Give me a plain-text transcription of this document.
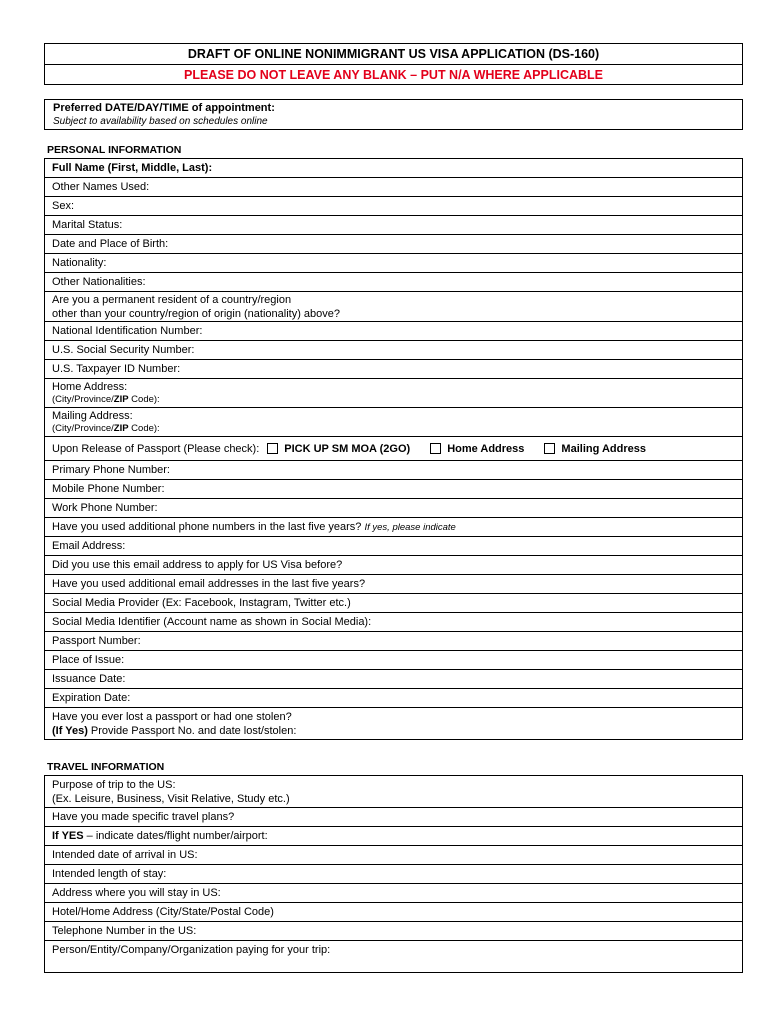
DRAFT OF ONLINE NONIMMIGRANT US VISA APPLICATION (DS-160)
PLEASE DO NOT LEAVE ANY BLANK – PUT N/A WHERE APPLICABLE
Preferred DATE/DAY/TIME of appointment:
Subject to availability based on schedules online
PERSONAL INFORMATION
Full Name (First, Middle, Last):
Other Names Used:
Sex:
Marital Status:
Date and Place of Birth:
Nationality:
Other Nationalities:
Are you a permanent resident of a country/region
other than your country/region of origin (nationality) above?
National Identification Number:
U.S. Social Security Number:
U.S. Taxpayer ID Number:
Home Address:
(City/Province/ZIP Code):
Mailing Address:
(City/Province/ZIP Code):
Upon Release of Passport (Please check): PICK UP SM MOA (2GO)	Home Address	Mailing Address
Primary Phone Number:
Mobile Phone Number:
Work Phone Number:
Have you used additional phone numbers in the last five years? If yes, please indicate
Email Address:
Did you use this email address to apply for US Visa before?
Have you used additional email addresses in the last five years?
Social Media Provider (Ex: Facebook, Instagram, Twitter etc.)
Social Media Identifier (Account name as shown in Social Media):
Passport Number:
Place of Issue:
Issuance Date:
Expiration Date:
Have you ever lost a passport or had one stolen?
(If Yes) Provide Passport No. and date lost/stolen:
TRAVEL INFORMATION
Purpose of trip to the US:
(Ex. Leisure, Business, Visit Relative, Study etc.)
Have you made specific travel plans?
If YES – indicate dates/flight number/airport:
Intended date of arrival in US:
Intended length of stay:
Address where you will stay in US:
Hotel/Home Address (City/State/Postal Code)
Telephone Number in the US:
Person/Entity/Company/Organization paying for your trip:
